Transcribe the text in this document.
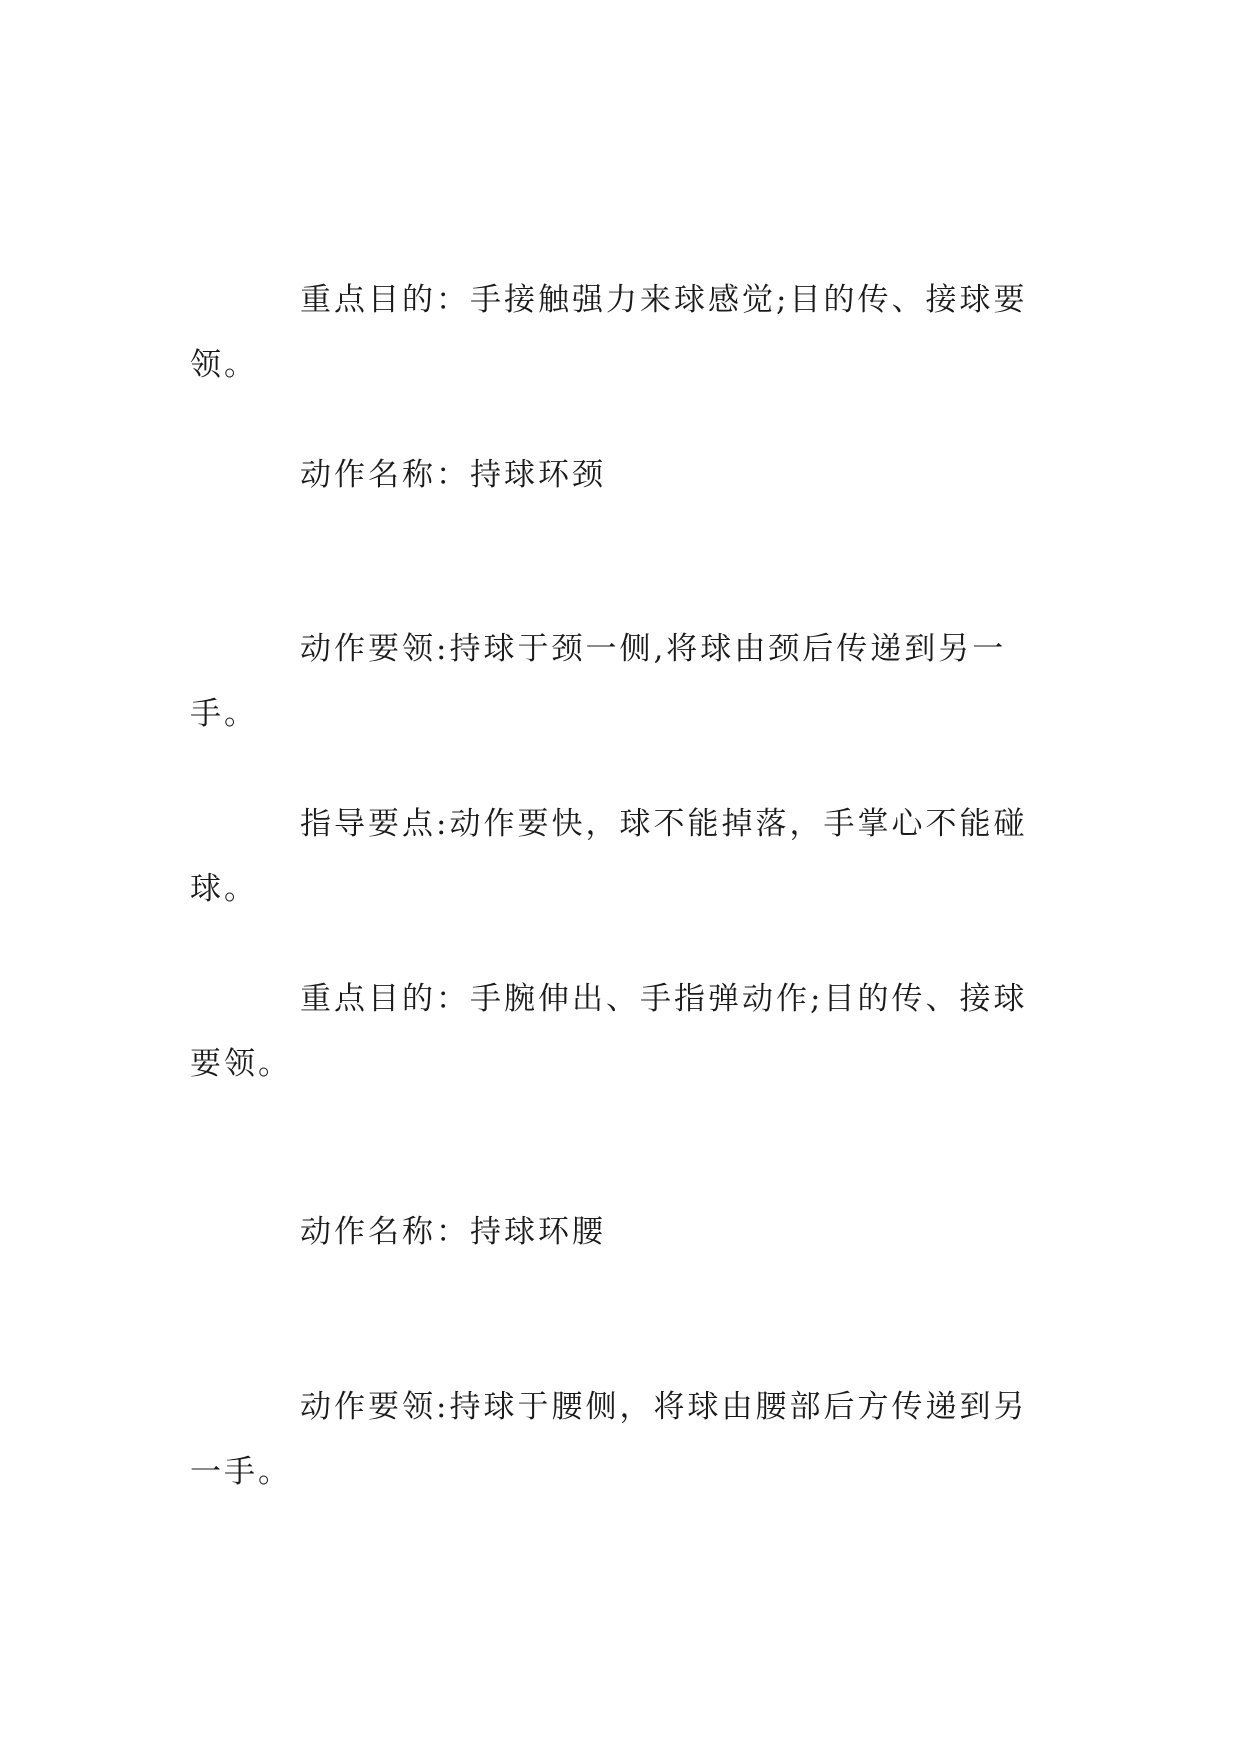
重点目的：手接触强力来球感觉;目的传、接球要领。

动作名称：持球环颈

动作要领:持球于颈一侧,将球由颈后传递到另一手。

指导要点:动作要快，球不能掉落，手掌心不能碰球。

重点目的：手腕伸出、手指弹动作;目的传、接球要领。

动作名称：持球环腰

动作要领:持球于腰侧，将球由腰部后方传递到另一手。
